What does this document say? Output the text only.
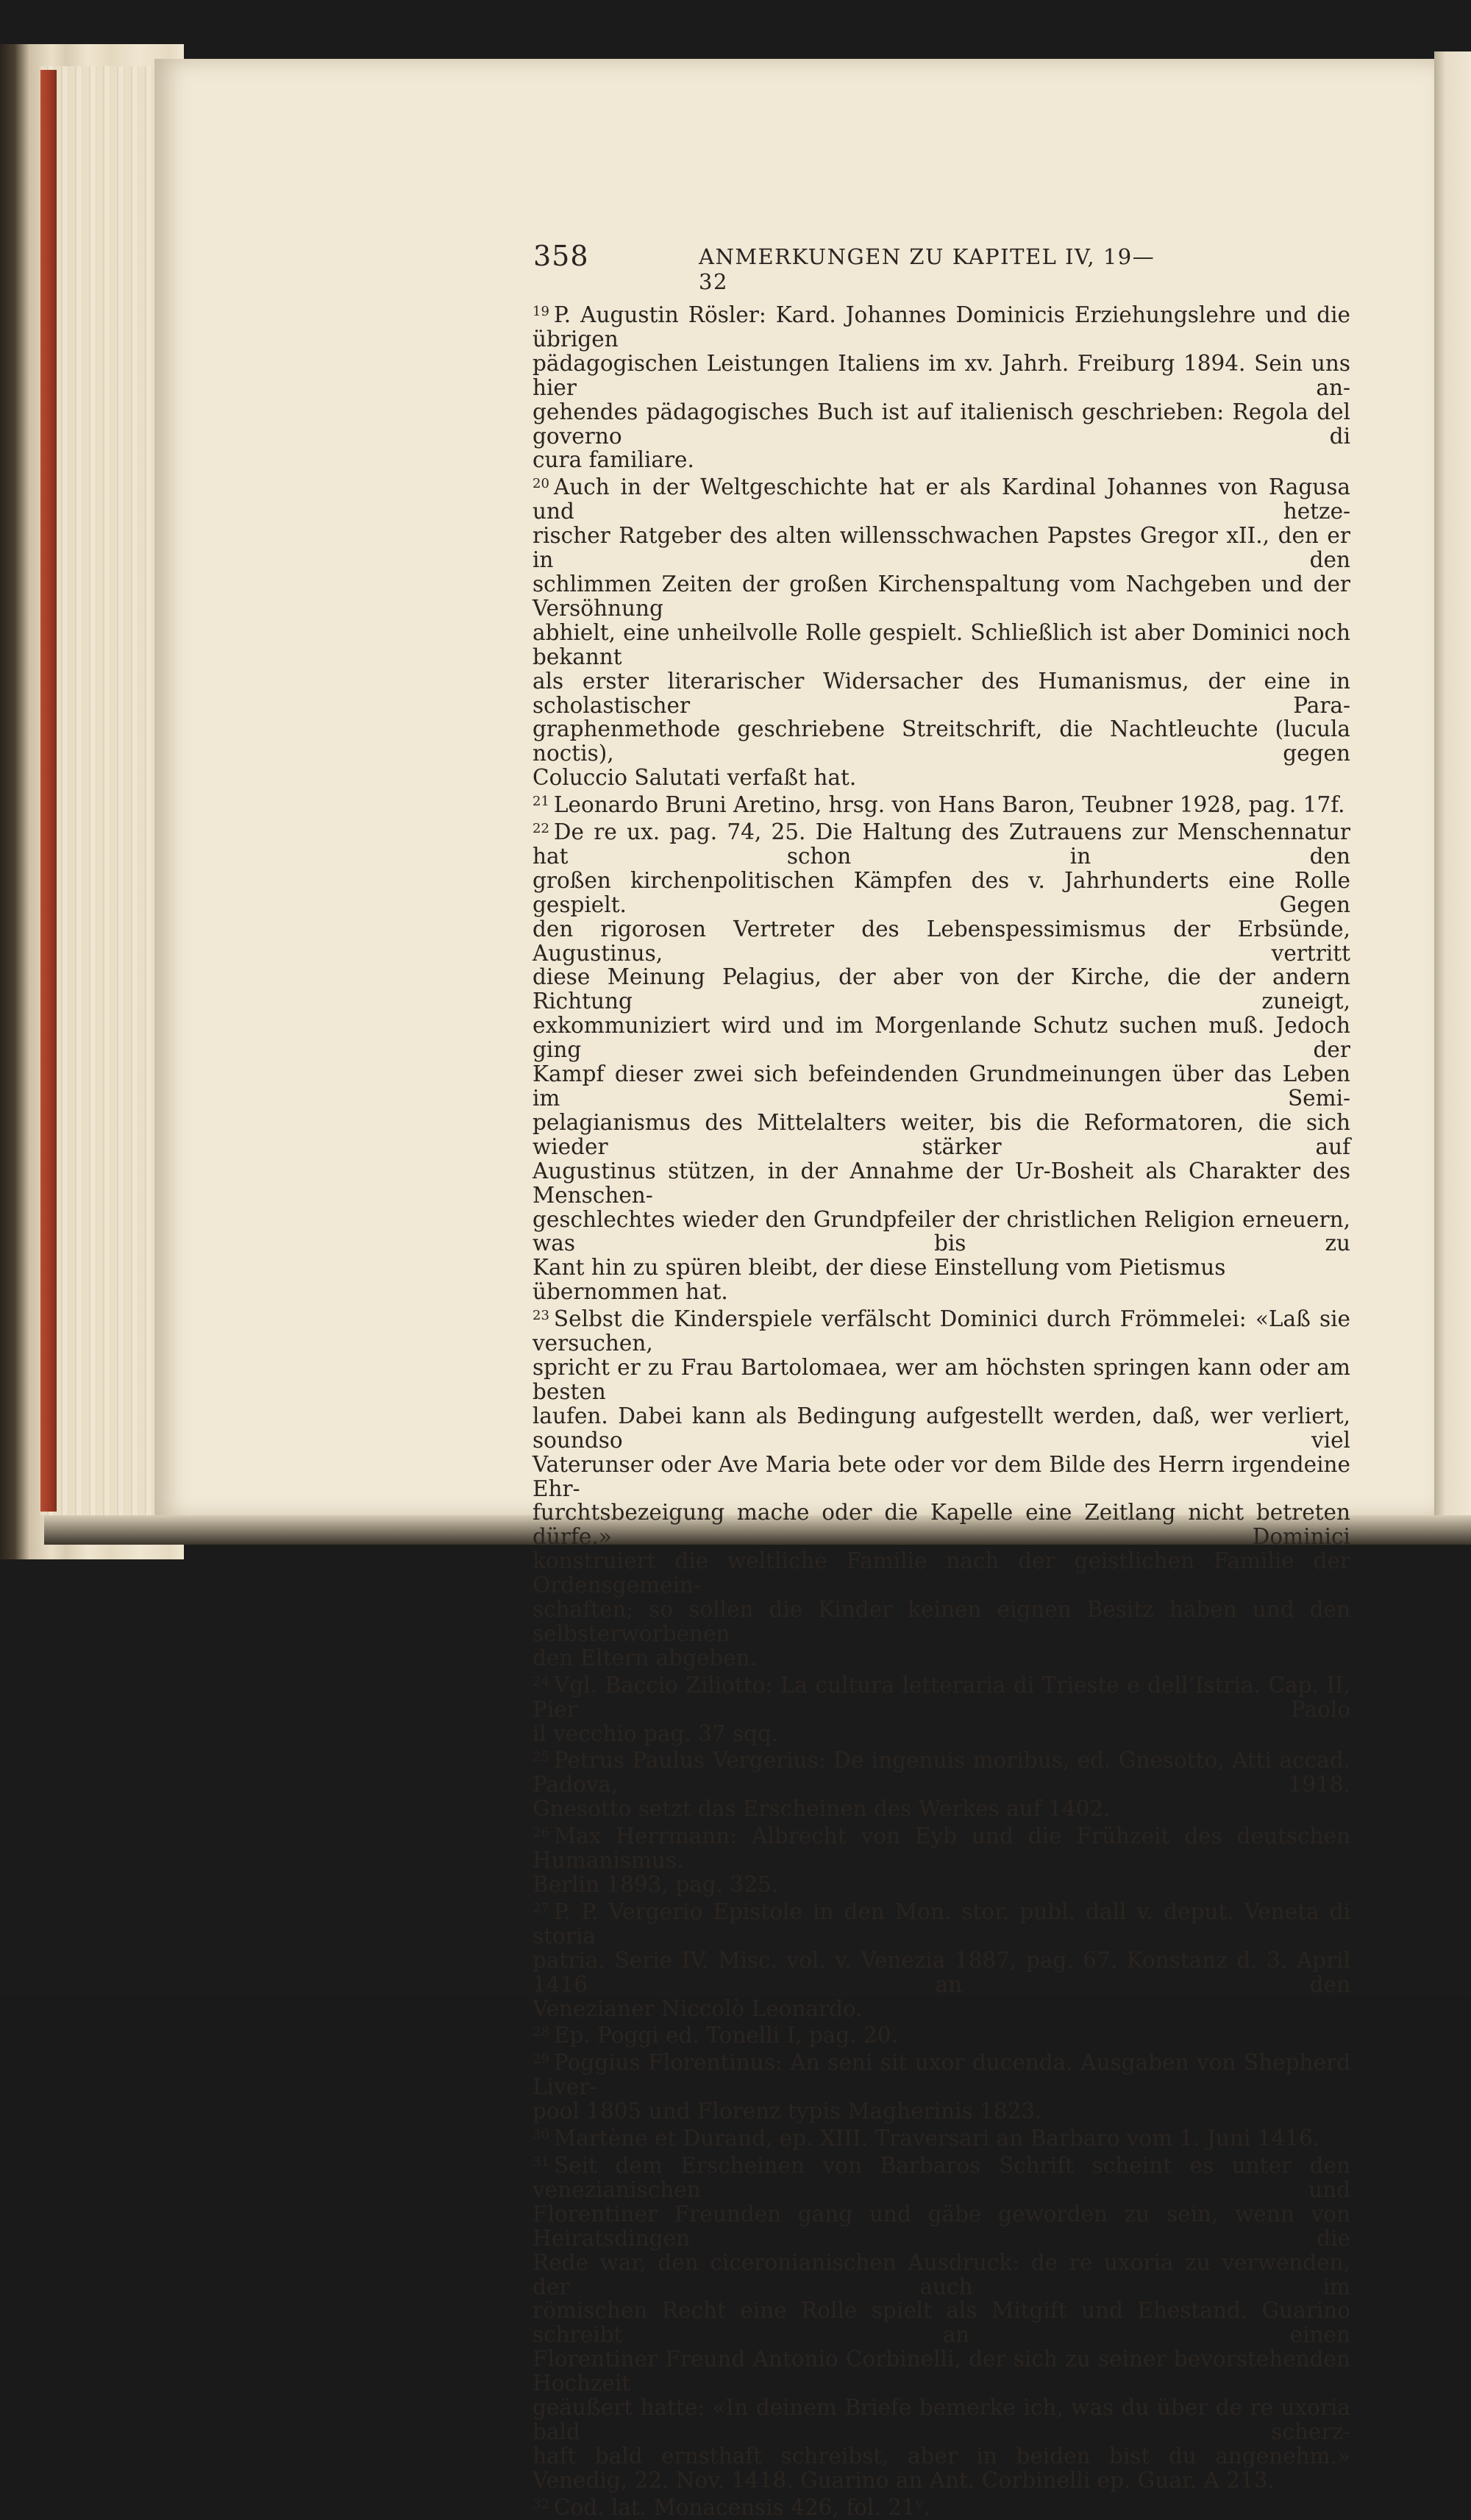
358	ANMERKUNGEN ZU KAPITEL IV, 19—32
$^{19}$ P. Augustin Rösler: Kard. Johannes Dominicis Erziehungslehre und die übrigen
pädagogischen Leistungen Italiens im xv. Jahrh. Freiburg 1894. Sein uns hier an-
gehendes pädagogisches Buch ist auf italienisch geschrieben: Regola del governo di
cura familiare.
$^{20}$ Auch in der Weltgeschichte hat er als Kardinal Johannes von Ragusa und hetze-
rischer Ratgeber des alten willensschwachen Papstes Gregor xII., den er in den
schlimmen Zeiten der großen Kirchenspaltung vom Nachgeben und der Versöhnung
abhielt, eine unheilvolle Rolle gespielt. Schließlich ist aber Dominici noch bekannt
als erster literarischer Widersacher des Humanismus, der eine in scholastischer Para-
graphenmethode geschriebene Streitschrift, die Nachtleuchte (lucula noctis), gegen
Coluccio Salutati verfaßt hat.
$^{21}$ Leonardo Bruni Aretino, hrsg. von Hans Baron, Teubner 1928, pag. 17f.
$^{22}$ De re ux. pag. 74, 25. Die Haltung des Zutrauens zur Menschennatur hat schon in den
großen kirchenpolitischen Kämpfen des v. Jahrhunderts eine Rolle gespielt. Gegen
den rigorosen Vertreter des Lebenspessimismus der Erbsünde, Augustinus, vertritt
diese Meinung Pelagius, der aber von der Kirche, die der andern Richtung zuneigt,
exkommuniziert wird und im Morgenlande Schutz suchen muß. Jedoch ging der
Kampf dieser zwei sich befeindenden Grundmeinungen über das Leben im Semi-
pelagianismus des Mittelalters weiter, bis die Reformatoren, die sich wieder stärker auf
Augustinus stützen, in der Annahme der Ur-Bosheit als Charakter des Menschen-
geschlechtes wieder den Grundpfeiler der christlichen Religion erneuern, was bis zu
Kant hin zu spüren bleibt, der diese Einstellung vom Pietismus übernommen hat.
$^{23}$ Selbst die Kinderspiele verfälscht Dominici durch Frömmelei: «Laß sie versuchen,
spricht er zu Frau Bartolomaea, wer am höchsten springen kann oder am besten
laufen. Dabei kann als Bedingung aufgestellt werden, daß, wer verliert, soundso viel
Vaterunser oder Ave Maria bete oder vor dem Bilde des Herrn irgendeine Ehr-
furchtsbezeigung mache oder die Kapelle eine Zeitlang nicht betreten dürfe.» Dominici
konstruiert die weltliche Familie nach der geistlichen Familie der Ordensgemein-
schaften; so sollen die Kinder keinen eignen Besitz haben und den selbsterworbenen
den Eltern abgeben.
$^{24}$ Vgl. Baccio Ziliotto: La cultura letteraria di Trieste e dell’Istria. Cap. II, Pier Paolo
il vecchio pag. 37 sqq.
$^{25}$ Petrus Paulus Vergerius: De ingenuis moribus, ed. Gnesotto, Atti accad. Padova, 1918.
Gnesotto setzt das Erscheinen des Werkes auf 1402.
$^{26}$ Max Herrmann: Albrecht von Eyb und die Frühzeit des deutschen Humanismus.
Berlin 1893, pag. 325.
$^{27}$ P. P. Vergerio Epistole in den Mon. stor. publ. dall v. deput. Veneta di storia
patria. Serie IV. Misc. vol. v. Venezia 1887, pag. 67. Konstanz d. 3. April 1416 an den
Venezianer Niccolò Leonardo.
$^{28}$ Ep. Poggi ed. Tonelli I, pag. 20.
$^{29}$ Poggius Florentinus: An seni sit uxor ducenda. Ausgaben von Shepherd Liver-
pool 1805 und Florenz typis Magherinis 1823.
$^{30}$ Martène et Durand, ep. XIII. Traversari an Barbaro vom 1. Juni 1416.
$^{31}$ Seit dem Erscheinen von Barbaros Schrift scheint es unter den venezianischen und
Florentiner Freunden gang und gäbe geworden zu sein, wenn von Heiratsdingen die
Rede war, den ciceronianischen Ausdruck: de re uxoria zu verwenden, der auch im
römischen Recht eine Rolle spielt als Mitgift und Ehestand. Guarino schreibt an einen
Florentiner Freund Antonio Corbinelli, der sich zu seiner bevorstehenden Hochzeit
geäußert hatte: «In deinem Briefe bemerke ich, was du über de re uxoria bald scherz-
haft bald ernsthaft schreibst, aber in beiden bist du angenehm.»
Venedig, 22. Nov. 1418. Guarino an Ant. Corbinelli ep. Guar. A 213.
$^{32}$ Cod. lat. Monacensis 426, fol. 21ᵛ.
